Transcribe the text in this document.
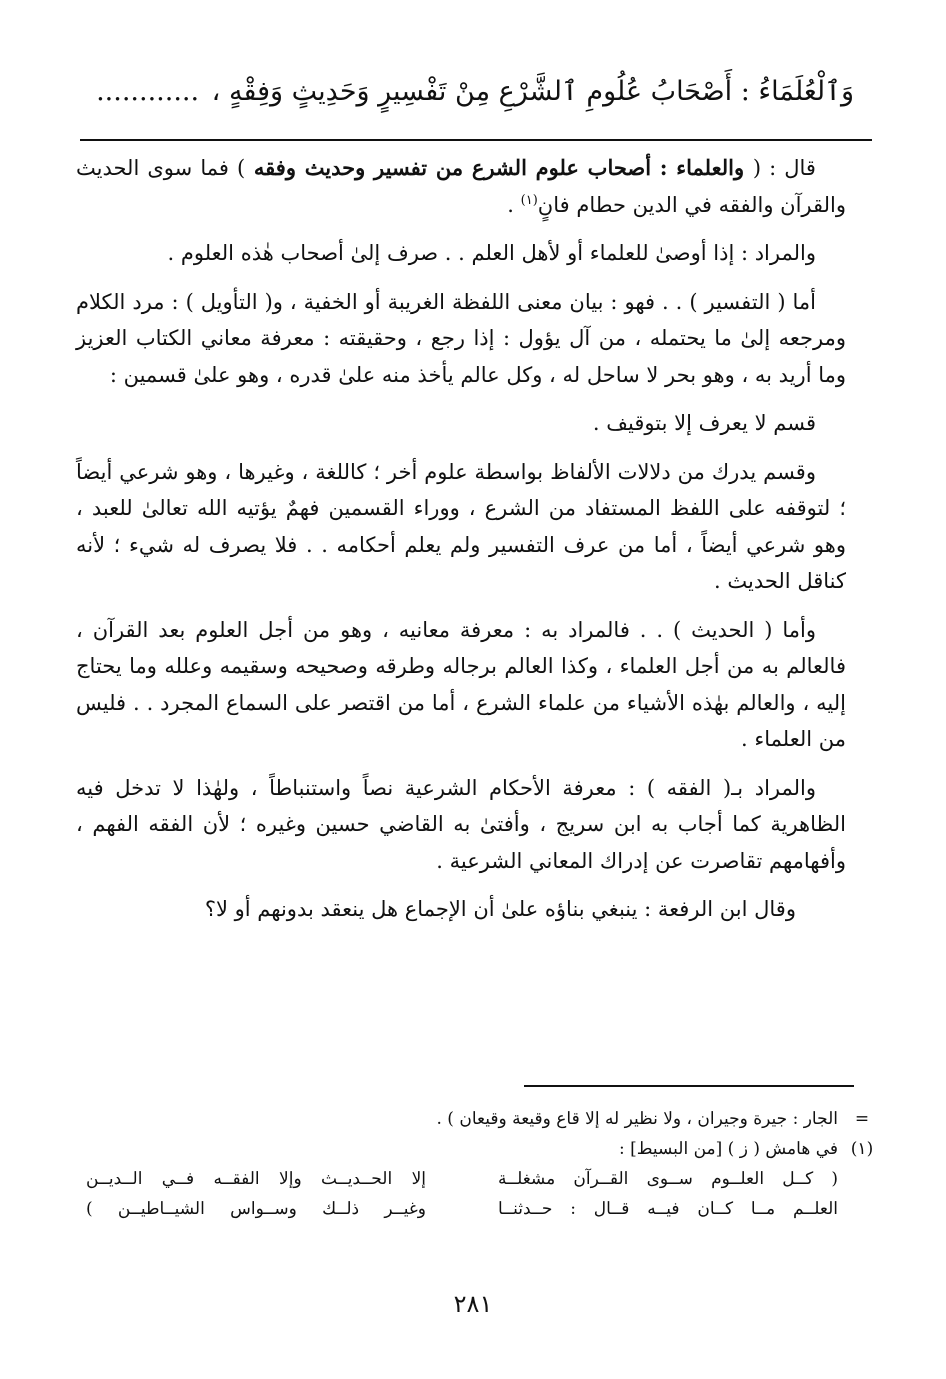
وَٱلْعُلَمَاءُ : أَصْحَابُ عُلُومِ ٱلشَّرْعِ مِنْ تَفْسِيرٍ وَحَدِيثٍ وَفِقْهٍ ، ............

قال : ( والعلماء : أصحاب علوم الشرع من تفسير وحديث وفقه ) فما سوى الحديث والقرآن والفقه في الدين حطام فانٍ$^{(١)}$ .

والمراد : إذا أوصىٰ للعلماء أو لأهل العلم . . صرف إلىٰ أصحاب هٰذه العلوم .

أما ( التفسير ) . . فهو : بيان معنى اللفظة الغريبة أو الخفية ، و( التأويل ) : مرد الكلام ومرجعه إلىٰ ما يحتمله ، من آل يؤول : إذا رجع ، وحقيقته : معرفة معاني الكتاب العزيز وما أريد به ، وهو بحر لا ساحل له ، وكل عالم يأخذ منه علىٰ قدره ، وهو علىٰ قسمين :

قسم لا يعرف إلا بتوقيف .

وقسم يدرك من دلالات الألفاظ بواسطة علوم أخر ؛ كاللغة ، وغيرها ، وهو شرعي أيضاً ؛ لتوقفه على اللفظ المستفاد من الشرع ، ووراء القسمين فهمٌ يؤتيه الله تعالىٰ للعبد ، وهو شرعي أيضاً ، أما من عرف التفسير ولم يعلم أحكامه . . فلا يصرف له شيء ؛ لأنه كناقل الحديث .

وأما ( الحديث ) . . فالمراد به : معرفة معانيه ، وهو من أجل العلوم بعد القرآن ، فالعالم به من أجل العلماء ، وكذا العالم برجاله وطرقه وصحيحه وسقيمه وعلله وما يحتاج إليه ، والعالم بهٰذه الأشياء من علماء الشرع ، أما من اقتصر على السماع المجرد . . فليس من العلماء .

والمراد بـ( الفقه ) : معرفة الأحكام الشرعية نصاً واستنباطاً ، ولهٰذا لا تدخل فيه الظاهرية كما أجاب به ابن سريج ، وأفتىٰ به القاضي حسين وغيره ؛ لأن الفقه الفهم ، وأفهامهم تقاصرت عن إدراك المعاني الشرعية .

وقال ابن الرفعة : ينبغي بناؤه علىٰ أن الإجماع هل ينعقد بدونهم أو لا؟

=
الجار : جيرة وجيران ، ولا نظير له إلا قاع وقيعة وقيعان ) .
(١)
في هامش ( ز ) [من البسيط] :
( كــل العلــوم ســوى القــرآن مشغلــة
إلا الحــديــث وإلا الفقــه فــي الــديــن
العلــم مــا كــان فيــه قــال : حــدثنــا
وغيــر ذلــك وســواس الشيــاطيــن )
٢٨١
